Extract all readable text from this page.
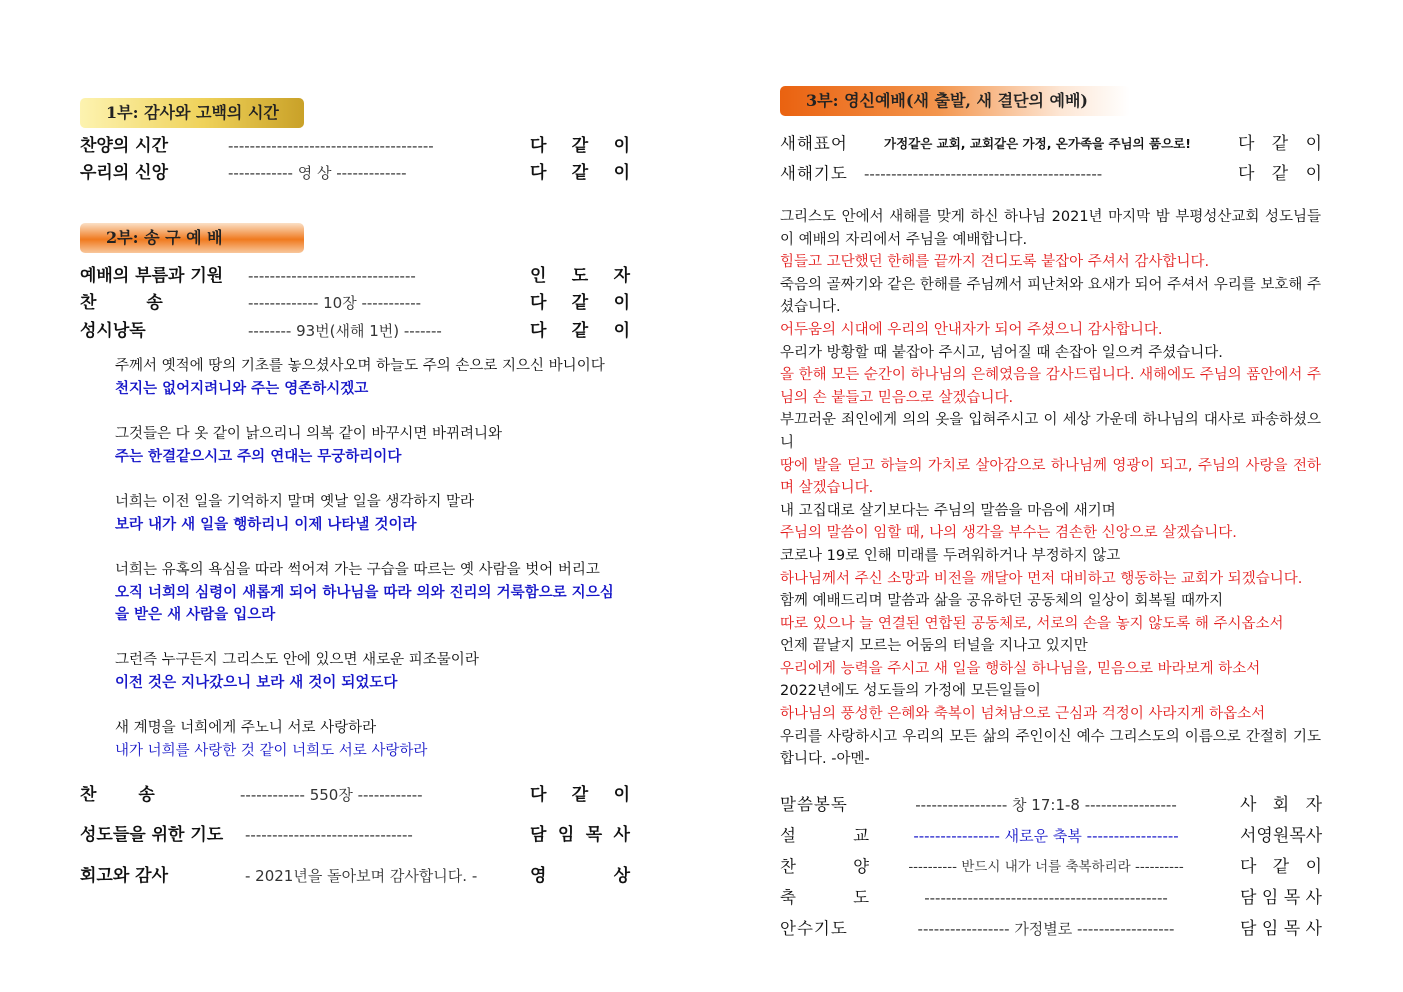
1부: 감사와 고백의 시간
찬양의 시간	--------------------------------------	다 같 이
우리의 신앙	------------ 영 상 -------------	다 같 이
2부: 송 구 예 배
예배의 부름과 기원 -------------------------------	인 도 자
찬 송	------------- 10장 -----------	다 같 이
성시낭독	-------- 93번(새해 1번) -------	다 같 이
주께서 옛적에 땅의 기초를 놓으셨사오며 하늘도 주의 손으로 지으신 바니이다
천지는 없어지려니와 주는 영존하시겠고
그것들은 다 옷 같이 낡으리니 의복 같이 바꾸시면 바뀌려니와
주는 한결같으시고 주의 연대는 무궁하리이다
너희는 이전 일을 기억하지 말며 옛날 일을 생각하지 말라
보라 내가 새 일을 행하리니 이제 나타낼 것이라
너희는 유혹의 욕심을 따라 썩어져 가는 구습을 따르는 옛 사람을 벗어 버리고
오직 너희의 심령이 새롭게 되어 하나님을 따라 의와 진리의 거룩함으로 지으심
을 받은 새 사람을 입으라
그런즉 누구든지 그리스도 안에 있으면 새로운 피조물이라
이전 것은 지나갔으니 보라 새 것이 되었도다
새 계명을 너희에게 주노니 서로 사랑하라
내가 너희를 사랑한 것 같이 너희도 서로 사랑하라
찬 송	------------ 550장 ------------	다 같 이
성도들을 위한 기도 -------------------------------	담 임 목 사
회고와 감사	- 2021년을 돌아보며 감사합니다. -	영	상
3부: 영신예배(새 출발, 새 결단의 예배)
새해표어	가정같은 교회, 교회같은 가정, 온가족을 주님의 품으로!	다 같 이
새해기도 --------------------------------------------	다 같 이
그리스도 안에서 새해를 맞게 하신 하나님 2021년 마지막 밤 부평성산교회 성도님들 이 예배의 자리에서 주님을 예배합니다.
힘들고 고단했던 한해를 끝까지 견디도록 붙잡아 주셔서 감사합니다.
죽음의 골짜기와 같은 한해를 주님께서 피난처와 요새가 되어 주셔서 우리를 보호해 주셨습니다.
어두움의 시대에 우리의 안내자가 되어 주셨으니 감사합니다.
우리가 방황할 때 붙잡아 주시고, 넘어질 때 손잡아 일으켜 주셨습니다.
올 한해 모든 순간이 하나님의 은혜였음을 감사드립니다. 새해에도 주님의 품안에서 주님의 손 붙들고 믿음으로 살겠습니다.
부끄러운 죄인에게 의의 옷을 입혀주시고 이 세상 가운데 하나님의 대사로 파송하셨으니
땅에 발을 딛고 하늘의 가치로 살아감으로 하나님께 영광이 되고, 주님의 사랑을 전하며 살겠습니다.
내 고집대로 살기보다는 주님의 말씀을 마음에 새기며
주님의 말씀이 임할 때, 나의 생각을 부수는 겸손한 신앙으로 살겠습니다.
코로나 19로 인해 미래를 두려워하거나 부정하지 않고
하나님께서 주신 소망과 비전을 깨달아 먼저 대비하고 행동하는 교회가 되겠습니다.
함께 예배드리며 말씀과 삶을 공유하던 공동체의 일상이 회복될 때까지
따로 있으나 늘 연결된 연합된 공동체로, 서로의 손을 놓지 않도록 해 주시옵소서
언제 끝날지 모르는 어둠의 터널을 지나고 있지만
우리에게 능력을 주시고 새 일을 행하실 하나님을, 믿음으로 바라보게 하소서
2022년에도 성도들의 가정에 모든일들이
하나님의 풍성한 은혜와 축복이 넘쳐남으로 근심과 걱정이 사라지게 하옵소서
우리를 사랑하시고 우리의 모든 삶의 주인이신 예수 그리스도의 이름으로 간절히 기도합니다. -아멘-
말씀봉독	----------------- 창 17:1-8 -----------------	사 회 자
설 교	---------------- 새로운 축복 -----------------	서영원목사
찬 양 ---------- 반드시 내가 너를 축복하리라 ----------	다 같 이
축 도	---------------------------------------------	담 임 목 사
안수기도	----------------- 가정별로 ------------------	담 임 목 사
